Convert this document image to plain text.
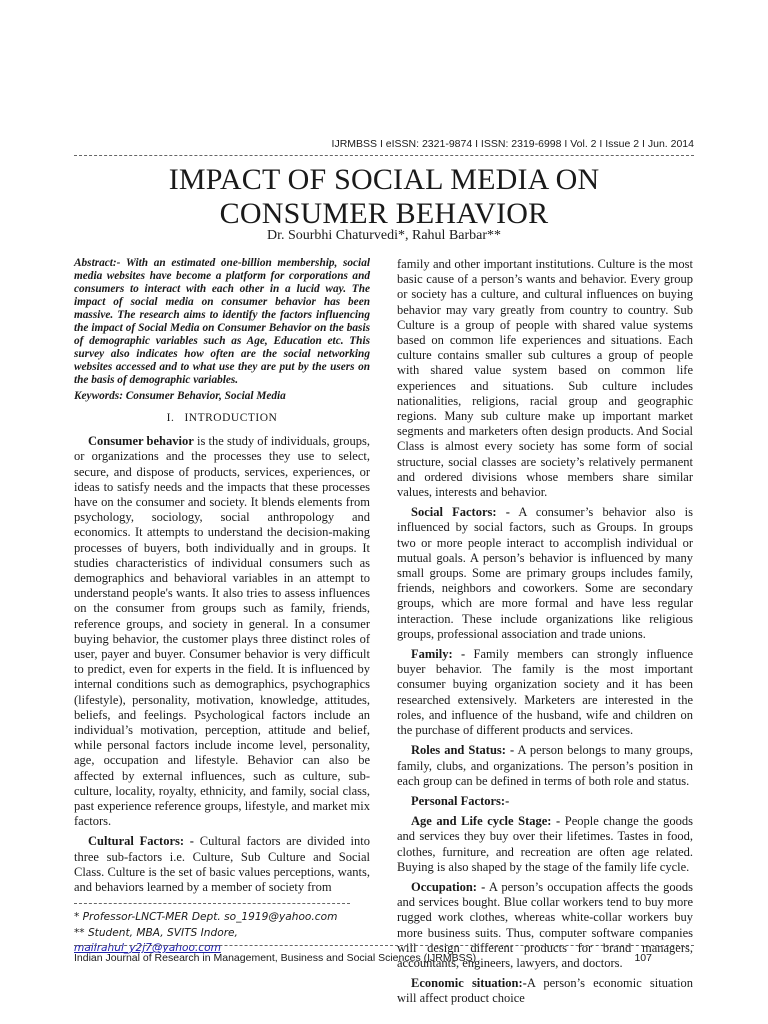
IJRMBSS I eISSN: 2321-9874 I ISSN: 2319-6998 I Vol. 2 I Issue 2 I Jun. 2014
IMPACT OF SOCIAL MEDIA ON
CONSUMER BEHAVIOR
Dr. Sourbhi Chaturvedi*, Rahul Barbar**

Abstract:- With an estimated one-billion membership, social media websites have become a platform for corporations and consumers to interact with each other in a lucid way. The impact of social media on consumer behavior has been massive. The research aims to identify the factors influencing the impact of Social Media on Consumer Behavior on the basis of demographic variables such as Age, Education etc. This survey also indicates how often are the social networking websites accessed and to what use they are put by the users on the basis of demographic variables.

Keywords: Consumer Behavior, Social Media

I. INTRODUCTION

Consumer behavior is the study of individuals, groups, or organizations and the processes they use to select, secure, and dispose of products, services, experiences, or ideas to satisfy needs and the impacts that these processes have on the consumer and society. It blends elements from psychology, sociology, social anthropology and economics. It attempts to understand the decision-making processes of buyers, both individually and in groups. It studies characteristics of individual consumers such as demographics and behavioral variables in an attempt to understand people's wants. It also tries to assess influences on the consumer from groups such as family, friends, reference groups, and society in general. In a consumer buying behavior, the customer plays three distinct roles of user, payer and buyer. Consumer behavior is very difficult to predict, even for experts in the field. It is influenced by internal conditions such as demographics, psychographics (lifestyle), personality, motivation, knowledge, attitudes, beliefs, and feelings. Psychological factors include an individual’s motivation, perception, attitude and belief, while personal factors include income level, personality, age, occupation and lifestyle. Behavior can also be affected by external influences, such as culture, sub-culture, locality, royalty, ethnicity, and family, social class, past experience reference groups, lifestyle, and market mix factors.

Cultural Factors: - Cultural factors are divided into three sub-factors i.e. Culture, Sub Culture and Social Class. Culture is the set of basic values perceptions, wants, and behaviors learned by a member of society from

* Professor-LNCT-MER Dept. so_1919@yahoo.com
** Student, MBA, SVITS Indore,
mailrahul_y2j7@yahoo.com

family and other important institutions. Culture is the most basic cause of a person’s wants and behavior. Every group or society has a culture, and cultural influences on buying behavior may vary greatly from country to country. Sub Culture is a group of people with shared value systems based on common life experiences and situations. Each culture contains smaller sub cultures a group of people with shared value system based on common life experiences and situations. Sub culture includes nationalities, religions, racial group and geographic regions. Many sub culture make up important market segments and marketers often design products. And Social Class is almost every society has some form of social structure, social classes are society’s relatively permanent and ordered divisions whose members share similar values, interests and behavior.

Social Factors: - A consumer’s behavior also is influenced by social factors, such as Groups. In groups two or more people interact to accomplish individual or mutual goals. A person’s behavior is influenced by many small groups. Some are primary groups includes family, friends, neighbors and coworkers. Some are secondary groups, which are more formal and have less regular interaction. These include organizations like religious groups, professional association and trade unions.

Family: - Family members can strongly influence buyer behavior. The family is the most important consumer buying organization society and it has been researched extensively. Marketers are interested in the roles, and influence of the husband, wife and children on the purchase of different products and services.

Roles and Status: - A person belongs to many groups, family, clubs, and organizations. The person’s position in each group can be defined in terms of both role and status.

Personal Factors:-

Age and Life cycle Stage: - People change the goods and services they buy over their lifetimes. Tastes in food, clothes, furniture, and recreation are often age related. Buying is also shaped by the stage of the family life cycle.

Occupation: - A person’s occupation affects the goods and services bought. Blue collar workers tend to buy more rugged work clothes, whereas white-collar workers buy more business suits. Thus, computer software companies will design different products for brand managers, accountants, engineers, lawyers, and doctors.

Economic situation:-A person’s economic situation will affect product choice

Indian Journal of Research in Management, Business and Social Sciences (IJRMBSS)	107
